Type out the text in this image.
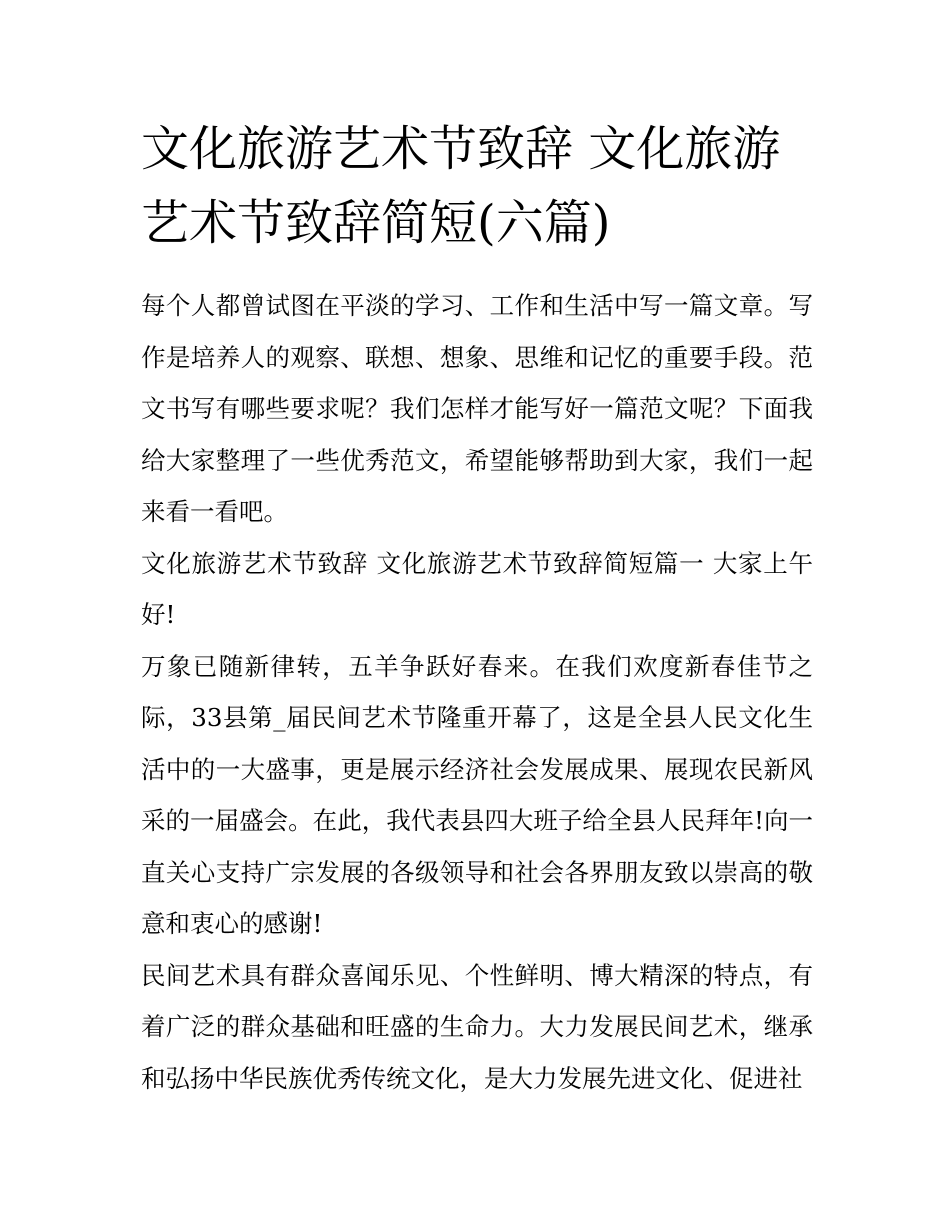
文化旅游艺术节致辞 文化旅游艺术节致辞简短(六篇)

每个人都曾试图在平淡的学习、工作和生活中写一篇文章。写作是培养人的观察、联想、想象、思维和记忆的重要手段。范文书写有哪些要求呢？我们怎样才能写好一篇范文呢？下面我给大家整理了一些优秀范文，希望能够帮助到大家，我们一起来看一看吧。

文化旅游艺术节致辞 文化旅游艺术节致辞简短篇一 大家上午好!

万象已随新律转，五羊争跃好春来。在我们欢度新春佳节之际，33县第_届民间艺术节隆重开幕了，这是全县人民文化生活中的一大盛事，更是展示经济社会发展成果、展现农民新风采的一届盛会。在此，我代表县四大班子给全县人民拜年!向一直关心支持广宗发展的各级领导和社会各界朋友致以崇高的敬意和衷心的感谢!

民间艺术具有群众喜闻乐见、个性鲜明、博大精深的特点，有着广泛的群众基础和旺盛的生命力。大力发展民间艺术，继承和弘扬中华民族优秀传统文化，是大力发展先进文化、促进社
